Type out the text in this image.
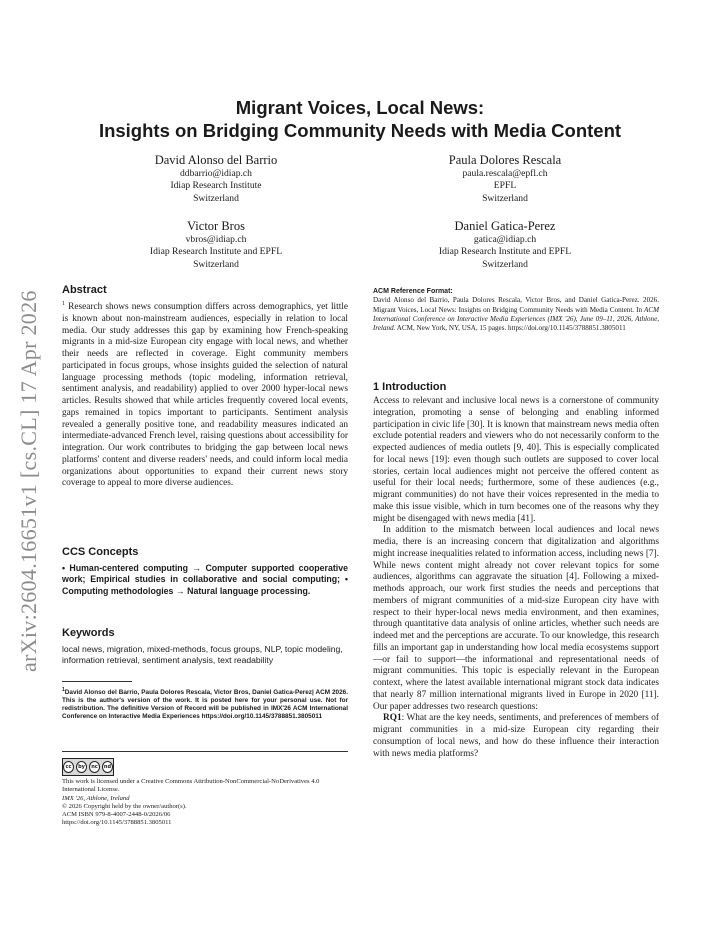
arXiv:2604.16651v1 [cs.CL] 17 Apr 2026
Migrant Voices, Local News:
Insights on Bridging Community Needs with Media Content
David Alonso del Barrio
ddbarrio@idiap.ch
Idiap Research Institute
Switzerland
Paula Dolores Rescala
paula.rescala@epfl.ch
EPFL
Switzerland
Victor Bros
vbros@idiap.ch
Idiap Research Institute and EPFL
Switzerland
Daniel Gatica-Perez
gatica@idiap.ch
Idiap Research Institute and EPFL
Switzerland
Abstract

$^1$ Research shows news consumption differs across demographics, yet little is known about non-mainstream audiences, especially in relation to local media. Our study addresses this gap by examining how French-speaking migrants in a mid-size European city engage with local news, and whether their needs are reflected in coverage. Eight community members participated in focus groups, whose insights guided the selection of natural language processing methods (topic modeling, information retrieval, sentiment analysis, and readability) applied to over 2000 hyper-local news articles. Results showed that while articles frequently covered local events, gaps remained in topics important to participants. Sentiment analysis revealed a generally positive tone, and readability measures indicated an intermediate-advanced French level, raising questions about accessibility for integration. Our work contributes to bridging the gap between local news platforms' content and diverse readers' needs, and could inform local media organizations about opportunities to expand their current news story coverage to appeal to more diverse audiences.

CCS Concepts

• Human-centered computing → Computer supported cooperative work; Empirical studies in collaborative and social computing; • Computing methodologies → Natural language processing.

Keywords

local news, migration, mixed-methods, focus groups, NLP, topic modeling, information retrieval, sentiment analysis, text readability

$^1$David Alonso del Barrio, Paula Dolores Rescala, Victor Bros, Daniel Gatica-Perez| ACM 2026. This is the author's version of the work. It is posted here for your personal use. Not for redistribution. The definitive Version of Record will be published in IMX'26 ACM International Conference on Interactive Media Experiences https://doi.org/10.1145/3788851.3805011

cc	by	nc	nd
This work is licensed under a Creative Commons Attribution-NonCommercial-NoDerivatives 4.0 International License.
IMX '26, Athlone, Ireland
© 2026 Copyright held by the owner/author(s).
ACM ISBN 979-8-4007-2448-0/2026/06
https://doi.org/10.1145/3788851.3805011
ACM Reference Format:

David Alonso del Barrio, Paula Dolores Rescala, Victor Bros, and Daniel Gatica-Perez. 2026. Migrant Voices, Local News: Insights on Bridging Community Needs with Media Content. In ACM International Conference on Interactive Media Experiences (IMX '26), June 09–11, 2026, Athlone, Ireland. ACM, New York, NY, USA, 15 pages. https://doi.org/10.1145/3788851.3805011

1 Introduction

Access to relevant and inclusive local news is a cornerstone of community integration, promoting a sense of belonging and enabling informed participation in civic life [30]. It is known that mainstream news media often exclude potential readers and viewers who do not necessarily conform to the expected audiences of media outlets [9, 40]. This is especially complicated for local news [19]: even though such outlets are supposed to cover local stories, certain local audiences might not perceive the offered content as useful for their local needs; furthermore, some of these audiences (e.g., migrant communities) do not have their voices represented in the media to make this issue visible, which in turn becomes one of the reasons why they might be disengaged with news media [41].

In addition to the mismatch between local audiences and local news media, there is an increasing concern that digitalization and algorithms might increase inequalities related to information access, including news [7]. While news content might already not cover relevant topics for some audiences, algorithms can aggravate the situation [4]. Following a mixed-methods approach, our work first studies the needs and perceptions that members of migrant communities of a mid-size European city have with respect to their hyper-local news media environment, and then examines, through quantitative data analysis of online articles, whether such needs are indeed met and the perceptions are accurate. To our knowledge, this research fills an important gap in understanding how local media ecosystems support—or fail to support—the informational and representational needs of migrant communities. This topic is especially relevant in the European context, where the latest available international migrant stock data indicates that nearly 87 million international migrants lived in Europe in 2020 [11]. Our paper addresses two research questions:

RQ1: What are the key needs, sentiments, and preferences of members of migrant communities in a mid-size European city regarding their consumption of local news, and how do these influence their interaction with news media platforms?
